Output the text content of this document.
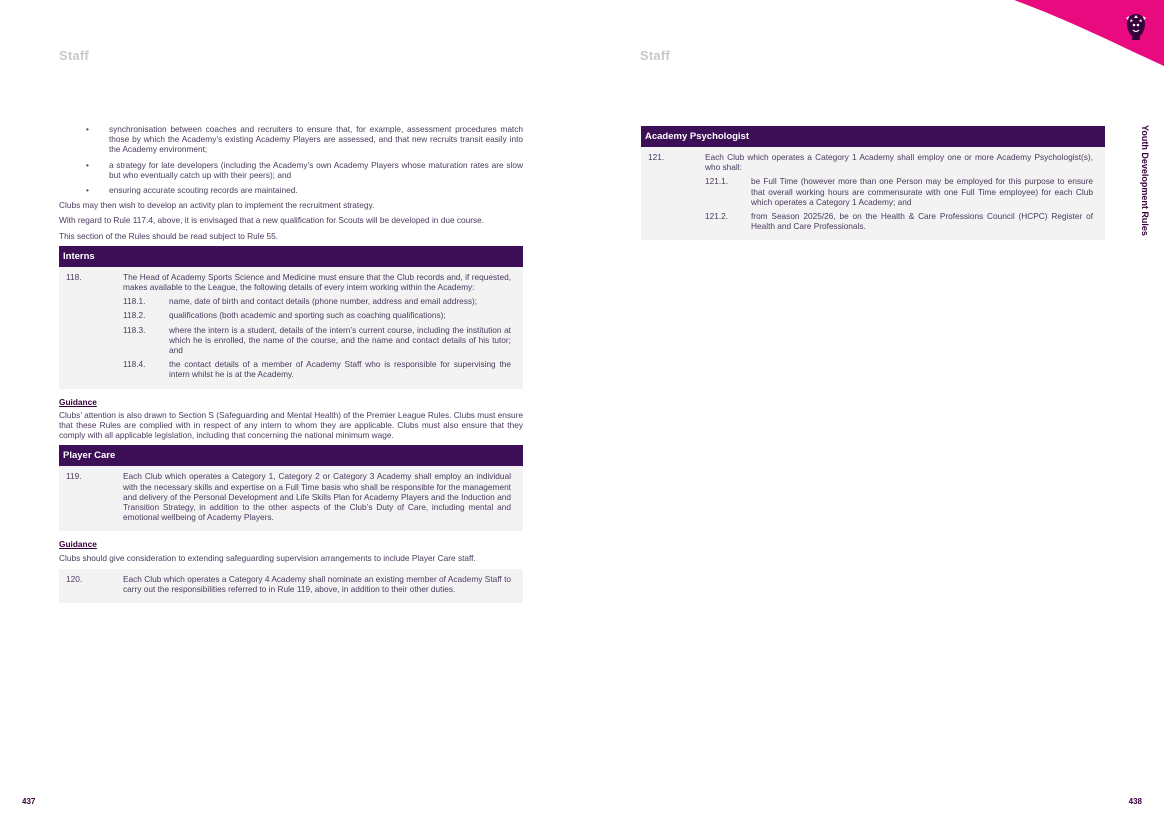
Staff
•	synchronisation between coaches and recruiters to ensure that, for example, assessment procedures match those by which the Academy’s existing Academy Players are assessed, and that new recruits transit easily into the Academy environment;
•	a strategy for late developers (including the Academy’s own Academy Players whose maturation rates are slow but who eventually catch up with their peers); and
•	ensuring accurate scouting records are maintained.

Clubs may then wish to develop an activity plan to implement the recruitment strategy.

With regard to Rule 117.4, above, it is envisaged that a new qualification for Scouts will be developed in due course.

This section of the Rules should be read subject to Rule 55.

Interns
118.	The Head of Academy Sports Science and Medicine must ensure that the Club records and, if requested, makes available to the League, the following details of every intern working within the Academy:
118.1.	name, date of birth and contact details (phone number, address and email address);
118.2.	qualifications (both academic and sporting such as coaching qualifications);
118.3.	where the intern is a student, details of the intern’s current course, including the institution at which he is enrolled, the name of the course, and the name and contact details of his tutor; and
118.4.	the contact details of a member of Academy Staff who is responsible for supervising the intern whilst he is at the Academy.
Guidance

Clubs’ attention is also drawn to Section S (Safeguarding and Mental Health) of the Premier League Rules. Clubs must ensure that these Rules are complied with in respect of any intern to whom they are applicable. Clubs must also ensure that they comply with all applicable legislation, including that concerning the national minimum wage.

Player Care
119.	Each Club which operates a Category 1, Category 2 or Category 3 Academy shall employ an individual with the necessary skills and expertise on a Full Time basis who shall be responsible for the management and delivery of the Personal Development and Life Skills Plan for Academy Players and the Induction and Transition Strategy, in addition to the other aspects of the Club’s Duty of Care, including mental and emotional wellbeing of Academy Players.
Guidance

Clubs should give consideration to extending safeguarding supervision arrangements to include Player Care staff.

120.	Each Club which operates a Category 4 Academy shall nominate an existing member of Academy Staff to carry out the responsibilities referred to in Rule 119, above, in addition to their other duties.
437
Staff
Academy Psychologist
121.	Each Club which operates a Category 1 Academy shall employ one or more Academy Psychologist(s), who shall:
121.1.	be Full Time (however more than one Person may be employed for this purpose to ensure that overall working hours are commensurate with one Full Time employee) for each Club which operates a Category 1 Academy; and
121.2.	from Season 2025/26, be on the Health & Care Professions Council (HCPC) Register of Health and Care Professionals.	Youth Development Rules
438
